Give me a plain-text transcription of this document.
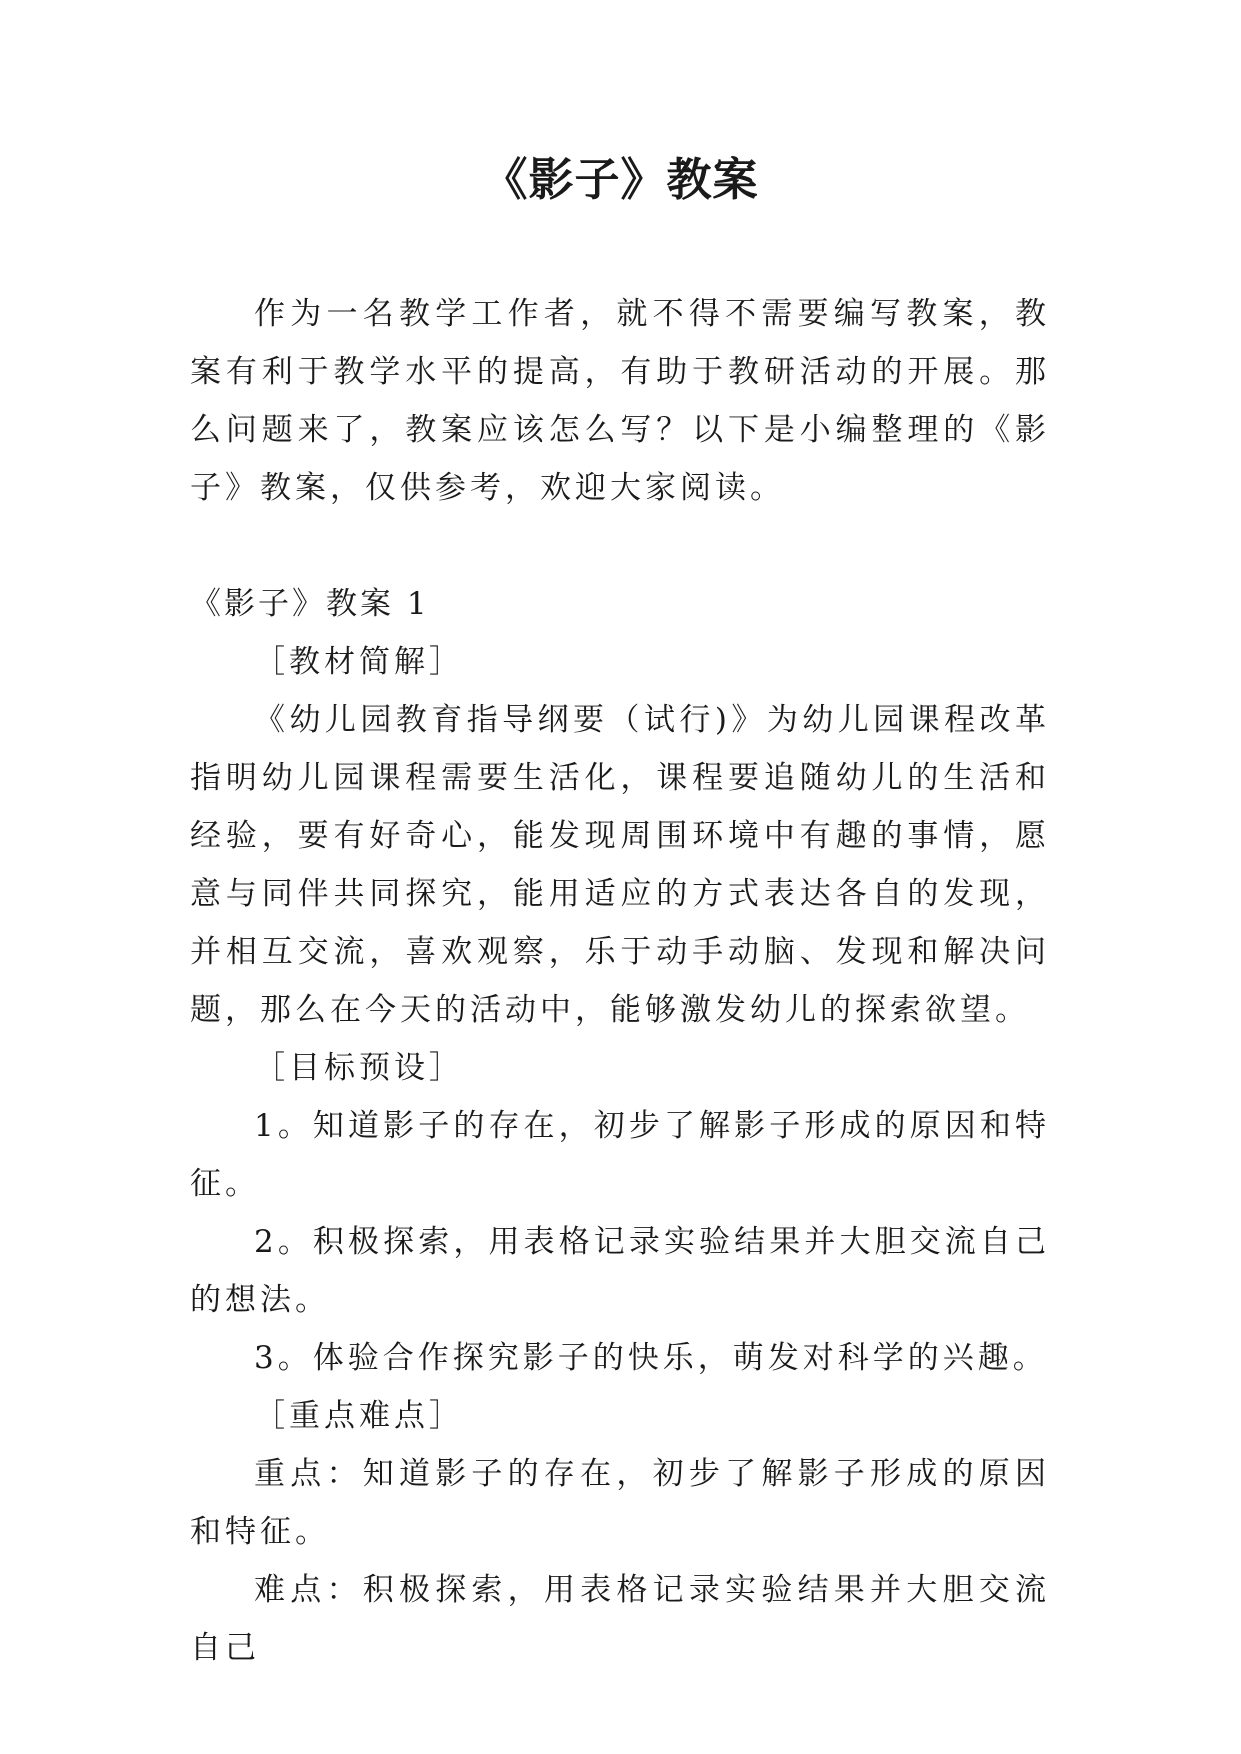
《影子》教案

作为一名教学工作者，就不得不需要编写教案，教案有利于教学水平的提高，有助于教研活动的开展。那么问题来了，教案应该怎么写？以下是小编整理的《影子》教案，仅供参考，欢迎大家阅读。

《影子》教案 1

［教材简解］

《幼儿园教育指导纲要（试行)》为幼儿园课程改革指明幼儿园课程需要生活化，课程要追随幼儿的生活和经验，要有好奇心，能发现周围环境中有趣的事情，愿意与同伴共同探究，能用适应的方式表达各自的发现，并相互交流，喜欢观察，乐于动手动脑、发现和解决问题，那么在今天的活动中，能够激发幼儿的探索欲望。

［目标预设］

1。知道影子的存在，初步了解影子形成的原因和特征。

2。积极探索，用表格记录实验结果并大胆交流自己的想法。

3。体验合作探究影子的快乐，萌发对科学的兴趣。

［重点难点］

重点：知道影子的存在，初步了解影子形成的原因和特征。

难点：积极探索，用表格记录实验结果并大胆交流自己
